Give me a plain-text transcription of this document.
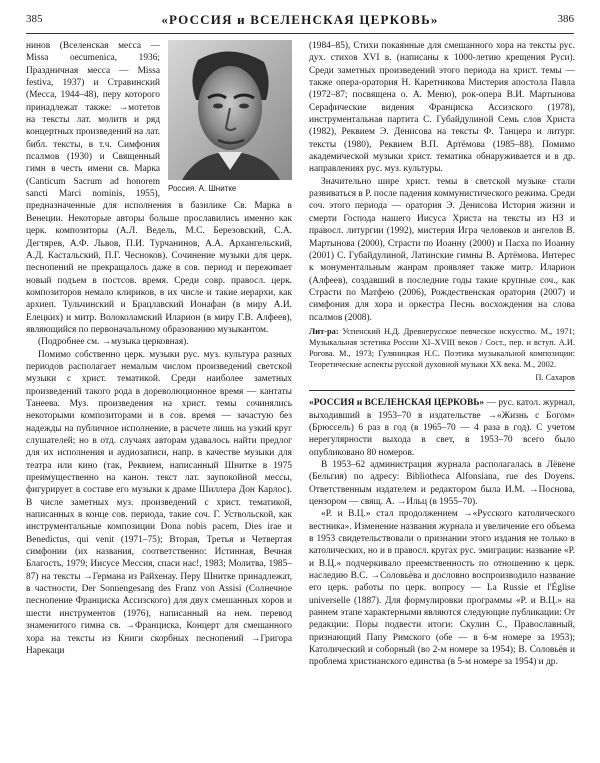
385	«РОССИЯ и ВСЕЛЕНСКАЯ ЦЕРКОВЬ»	386
Россия. А. Шнитке

нинов (Вселенская месса — Missa oecumenica, 1936; Праздничная месса — Missa festiva, 1937) и Стравинский (Месса, 1944–48), перу которого принадлежат также: →мотетов на тексты лат. молитв и ряд концертных произведений на лат. библ. тексты, в т.ч. Симфония псалмов (1930) и Священный гимн в честь имени св. Марка (Canticum Sacrum ad honorem sancti Marci nominis, 1955), предназначенные для исполнения в базилике Св. Марка в Венеции. Некоторые авторы больше прославились именно как церк. композиторы (А.Л. Ведель, М.С. Березовский, С.А. Дегтярев, А.Ф. Львов, П.И. Турчанинов, А.А. Архангельский, А.Д. Кастальский, П.Г. Чесноков). Сочинение музыки для церк. песнопений не прекращалось даже в сов. период и переживает новый подъем в постсов. время. Среди совр. правосл. церк. композиторов немало клириков, в их числе и такие иерархи, как архиеп. Тульчинский и Брацлавский Ионафан (в миру А.И. Елецких) и митр. Волоколамский Иларион (в миру Г.В. Алфеев), являющийся по первоначальному образованию музыкантом.

(Подробнее см. →музыка церковная).

Помимо собственно церк. музыки рус. муз. культура разных периодов располагает немалым числом произведений светской музыки с христ. тематикой. Среди наиболее заметных произведений такого рода в дореволюционное время — кантаты Танеева. Муз. произведения на христ. темы сочинялись некоторыми композиторами и в сов. время — зачастую без надежды на публичное исполнение, в расчете лишь на узкий круг слушателей; но в отд. случаях авторам удавалось найти предлог для их исполнения и аудиозаписи, напр. в качестве музыки для театра или кино (так, Реквием, написанный Шнитке в 1975 преимущественно на канон. текст лат. заупокойной мессы, фигурирует в составе его музыки к драме Шиллера Дон Карлос). В числе заметных муз. произведений с христ. тематикой, написанных в конце сов. периода, такие соч. Г. Уствольской, как инструментальные композиции Dona nobis pacem, Dies irae и Benedictus, qui venit (1971–75); Вторая, Третья и Четвертая симфонии (их названия, соответственно: Истинная, Вечная Благость, 1979; Иисусе Мессия, спаси нас!, 1983; Молитва, 1985–87) на тексты →Германа из Райхенау. Перу Шнитке принадлежат, в частности, Der Sonnengesang des Franz von Assisi (Солнечное песнопение Франциска Ассизского) для двух смешанных хоров и шести инструментов (1976), написанный на нем. перевод знаменитого гимна св. →Франциска, Концерт для смешанного хора на тексты из Книги скорбных песнопений →Григора Нарекаци

(1984–85), Стихи покаянные для смешанного хора на тексты рус. дух. стихов XVI в. (написаны к 1000-летию крещения Руси). Среди заметных произведений этого периода на христ. темы — также опера-оратория Н. Каретникова Мистерия апостола Павла (1972–87; посвящена о. А. Меню), рок-опера В.И. Мартынова Серафические видения Франциска Ассизского (1978), инструментальная партита С. Губайдулиной Семь слов Христа (1982), Реквием Э. Денисова на тексты Ф. Танцера и литург. тексты (1980), Реквием В.П. Артёмова (1985–88). Помимо академической музыки христ. тематика обнаруживается и в др. направлениях рус. муз. культуры.

Значительно шире христ. темы в светской музыке стали развиваться в Р. после падения коммунистического режима. Среди соч. этого периода — оратория Э. Денисова История жизни и смерти Господа нашего Иисуса Христа на тексты из НЗ и правосл. литургии (1992), мистерия Игра человеков и ангелов В. Мартынова (2000), Страсти по Иоанну (2000) и Пасха по Иоанну (2001) С. Губайдулиной, Латинские гимны В. Артёмова. Интерес к монументальным жанрам проявляет также митр. Иларион (Алфеев), создавший в последние годы такие крупные соч., как Страсти по Матфею (2006), Рождественская оратория (2007) и симфония для хора и оркестра Песнь восхождения на слова псалмов (2008).

Лит-ра: Успенский Н.Д. Древнерусское певческое искусство. М., 1971; Музыкальная эстетика России XI–XVIII веков / Сост., пер. и вступ. А.И. Рогова. М., 1973; Гуляницкая Н.С. Поэтика музыкальной композиции: Теоретические аспекты русской духовной музыки XX века. М., 2002.
П. Сахаров

«РОССИЯ и ВСЕЛЕНСКАЯ ЦЕРКОВЬ» — рус. катол. журнал, выходивший в 1953–70 в издательстве →«Жизнь с Богом» (Брюссель) 6 раз в год (в 1965–70 — 4 раза в год). С учетом нерегулярности выхода в свет, в 1953–70 всего было опубликовано 80 номеров.

В 1953–62 администрация журнала располагалась в Лёвене (Бельгия) по адресу: Bibliotheca Alfonsiana, rue des Doyens. Ответственным издателем и редактором была И.М. →Поснова, цензором — свящ. А. →Ильц (в 1955–70).

«Р. и В.Ц.» стал продолжением →«Русского католического вестника». Изменение названия журнала и увеличение его объема в 1953 свидетельствовали о признании этого издания не только в католических, но и в правосл. кругах рус. эмиграции: название «Р. и В.Ц.» подчеркивало преемственность по отношению к церк. наследию В.С. →Соловьёва и дословно воспроизводило название его церк. работы по церк. вопросу — La Russie et l'Église universelle (1887). Для формулировки программы «Р. и В.Ц.» на раннем этапе характерными являются следующие публикации: От редакции: Поры подвести итоги: Скулин С., Православный, признающий Папу Римского (обе — в 6-м номере за 1953); Католический и соборный (во 2-м номере за 1954); В. Соловьёв и проблема христианского единства (в 5-м номере за 1954) и др.
